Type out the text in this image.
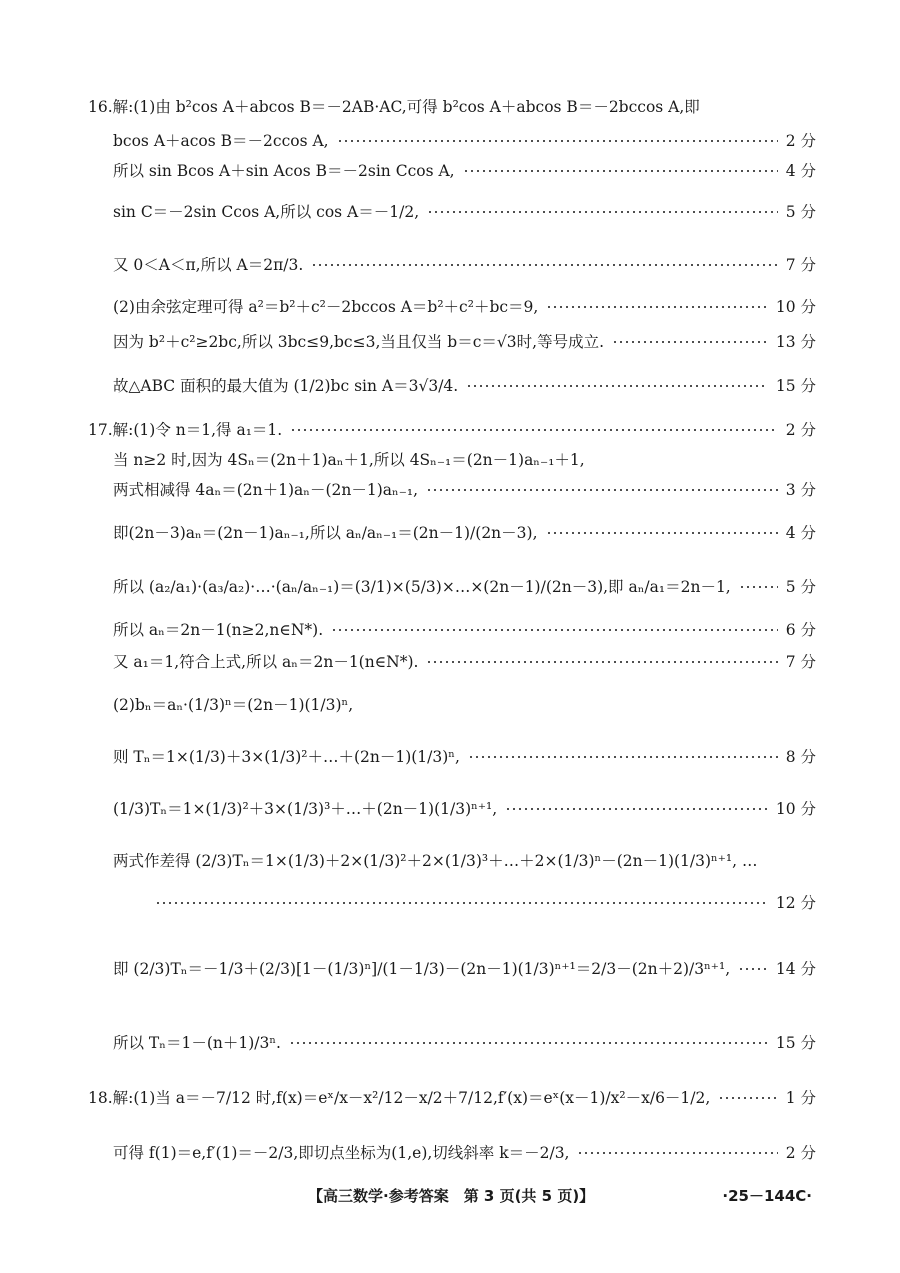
16.解:(1)由 b²cos A＋abcos B＝－2AB·AC,可得 b²cos A＋abcos B＝－2bccos A,即
bcos A＋acos B＝－2ccos A,	2 分
所以 sin Bcos A＋sin Acos B＝－2sin Ccos A,	4 分
sin C＝－2sin Ccos A,所以 cos A＝－1/2,	5 分
又 0＜A＜π,所以 A＝2π/3.	7 分
(2)由余弦定理可得 a²＝b²＋c²－2bccos A＝b²＋c²＋bc＝9,	10 分
因为 b²＋c²≥2bc,所以 3bc≤9,bc≤3,当且仅当 b＝c＝√3时,等号成立.	13 分
故△ABC 面积的最大值为 (1/2)bc sin A＝3√3/4.	15 分
17.解:(1)令 n＝1,得 a₁＝1.	2 分
当 n≥2 时,因为 4Sₙ＝(2n＋1)aₙ＋1,所以 4Sₙ₋₁＝(2n－1)aₙ₋₁＋1,
两式相减得 4aₙ＝(2n＋1)aₙ－(2n－1)aₙ₋₁,	3 分
即(2n－3)aₙ＝(2n－1)aₙ₋₁,所以 aₙ/aₙ₋₁＝(2n－1)/(2n－3),	4 分
所以 (a₂/a₁)·(a₃/a₂)·…·(aₙ/aₙ₋₁)＝(3/1)×(5/3)×…×(2n－1)/(2n－3),即 aₙ/a₁＝2n－1,	5 分
所以 aₙ＝2n－1(n≥2,n∈N*).	6 分
又 a₁＝1,符合上式,所以 aₙ＝2n－1(n∈N*).	7 分
(2)bₙ＝aₙ·(1/3)ⁿ＝(2n－1)(1/3)ⁿ,
则 Tₙ＝1×(1/3)＋3×(1/3)²＋…＋(2n－1)(1/3)ⁿ,	8 分
(1/3)Tₙ＝1×(1/3)²＋3×(1/3)³＋…＋(2n－1)(1/3)ⁿ⁺¹,	10 分
两式作差得 (2/3)Tₙ＝1×(1/3)＋2×(1/3)²＋2×(1/3)³＋…＋2×(1/3)ⁿ－(2n－1)(1/3)ⁿ⁺¹, …
12 分
即 (2/3)Tₙ＝－1/3＋(2/3)[1－(1/3)ⁿ]/(1－1/3)－(2n－1)(1/3)ⁿ⁺¹＝2/3－(2n＋2)/3ⁿ⁺¹,	14 分
所以 Tₙ＝1－(n＋1)/3ⁿ.	15 分
18.解:(1)当 a＝－7/12 时,f(x)＝eˣ/x－x²/12－x/2＋7/12,f′(x)＝eˣ(x－1)/x²－x/6－1/2,	1 分
可得 f(1)＝e,f′(1)＝－2/3,即切点坐标为(1,e),切线斜率 k＝－2/3,	2 分
【高三数学·参考答案　第 3 页(共 5 页)】	·25－144C·
